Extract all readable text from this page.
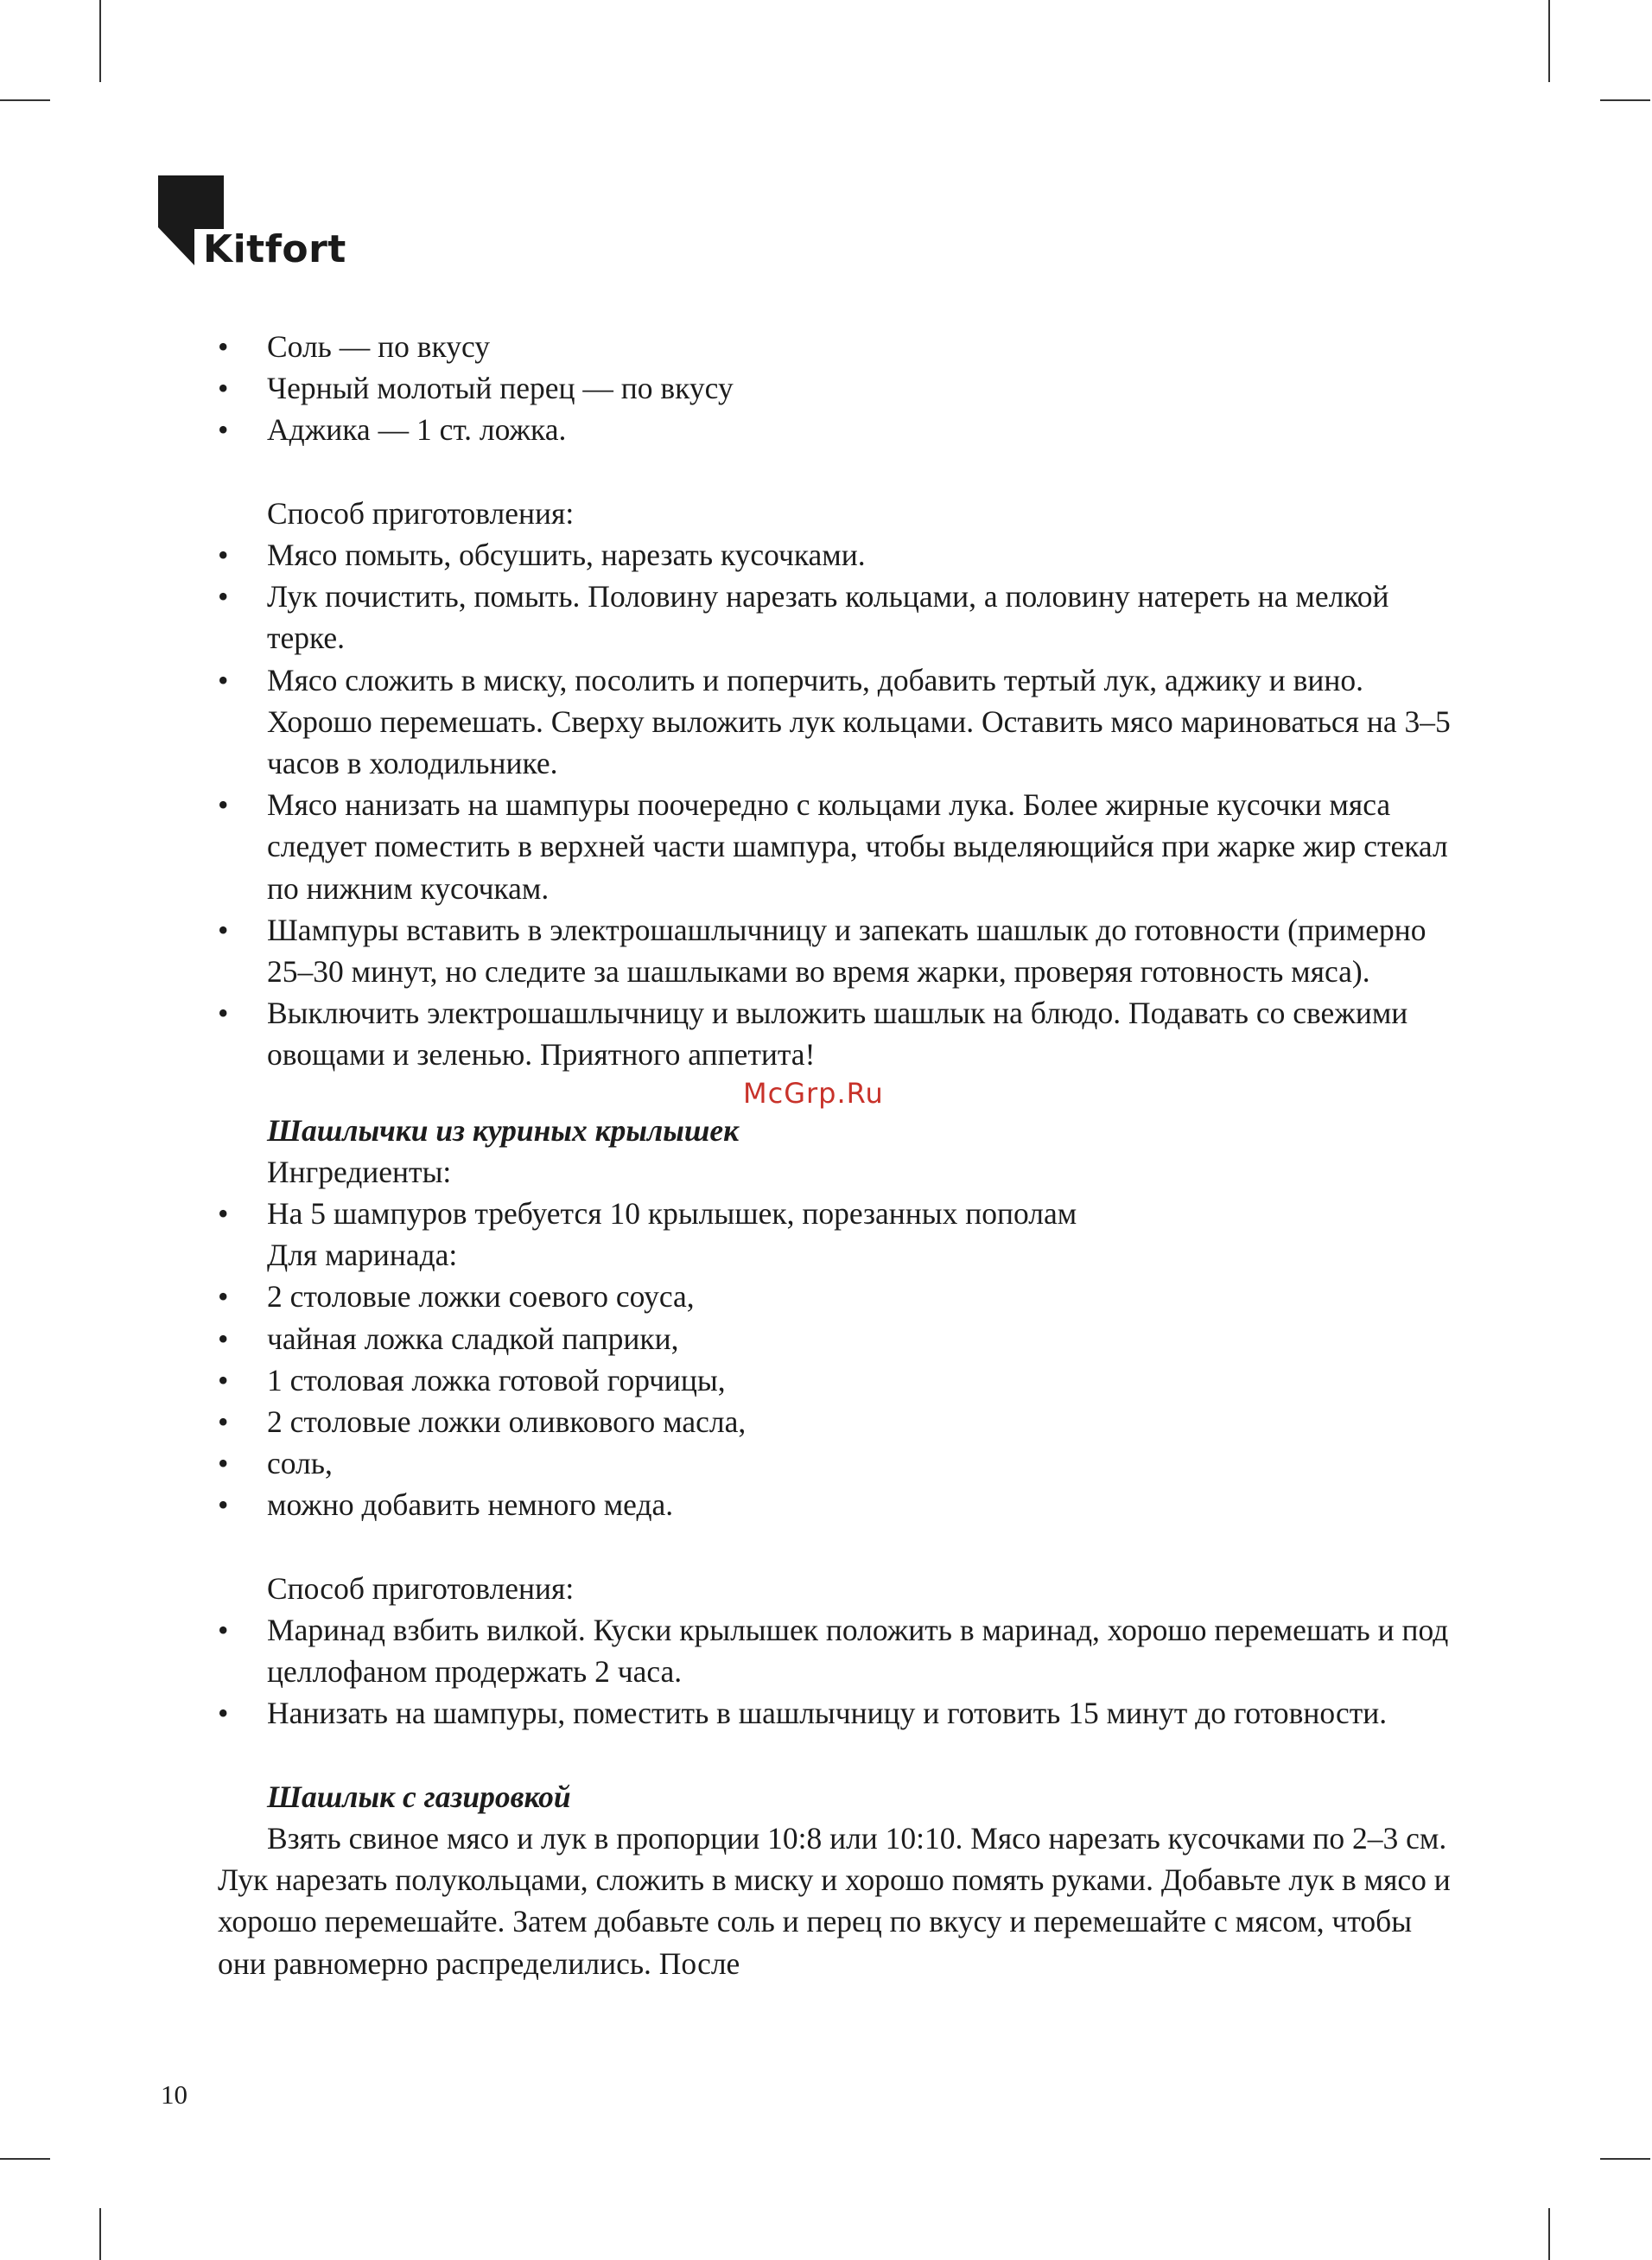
Kitfort
• Соль — по вкусу
• Черный молотый перец — по вкусу
• Аджика — 1 ст. ложка.

Способ приготовления:

• Мясо помыть, обсушить, нарезать кусочками.
• Лук почистить, помыть. Половину нарезать кольцами, а половину натереть на мелкой терке.
• Мясо сложить в миску, посолить и поперчить, добавить тертый лук, аджику и вино. Хорошо перемешать. Сверху выложить лук кольцами. Оставить мясо мариноваться на 3–5 часов в холодильнике.
• Мясо нанизать на шампуры поочередно с кольцами лука. Более жирные кусочки мяса следует поместить в верхней части шампура, чтобы выделяющийся при жарке жир стекал по нижним кусочкам.
• Шампуры вставить в электрошашлычницу и запекать шашлык до готовности (примерно 25–30 минут, но следите за шашлыками во время жарки, проверяя готовность мяса).
• Выключить электрошашлычницу и выложить шашлык на блюдо. Подавать со свежими овощами и зеленью. Приятного аппетита!
McGrp.Ru

Шашлычки из куриных крылышек

Ингредиенты:

• На 5 шампуров требуется 10 крылышек, порезанных пополам

Для маринада:

• 2 столовые ложки соевого соуса,
• чайная ложка сладкой паприки,
• 1 столовая ложка готовой горчицы,
• 2 столовые ложки оливкового масла,
• соль,
• можно добавить немного меда.

Способ приготовления:

• Маринад взбить вилкой. Куски крылышек положить в маринад, хорошо перемешать и под целлофаном продержать 2 часа.
• Нанизать на шампуры, поместить в шашлычницу и готовить 15 минут до готовности.

Шашлык с газировкой

Взять свиное мясо и лук в пропорции 10:8 или 10:10. Мясо нарезать кусочками по 2–3 см. Лук нарезать полукольцами, сложить в миску и хорошо помять руками. Добавьте лук в мясо и хорошо перемешайте. Затем добавьте соль и перец по вкусу и перемешайте с мясом, чтобы они равномерно распределились. После

10
